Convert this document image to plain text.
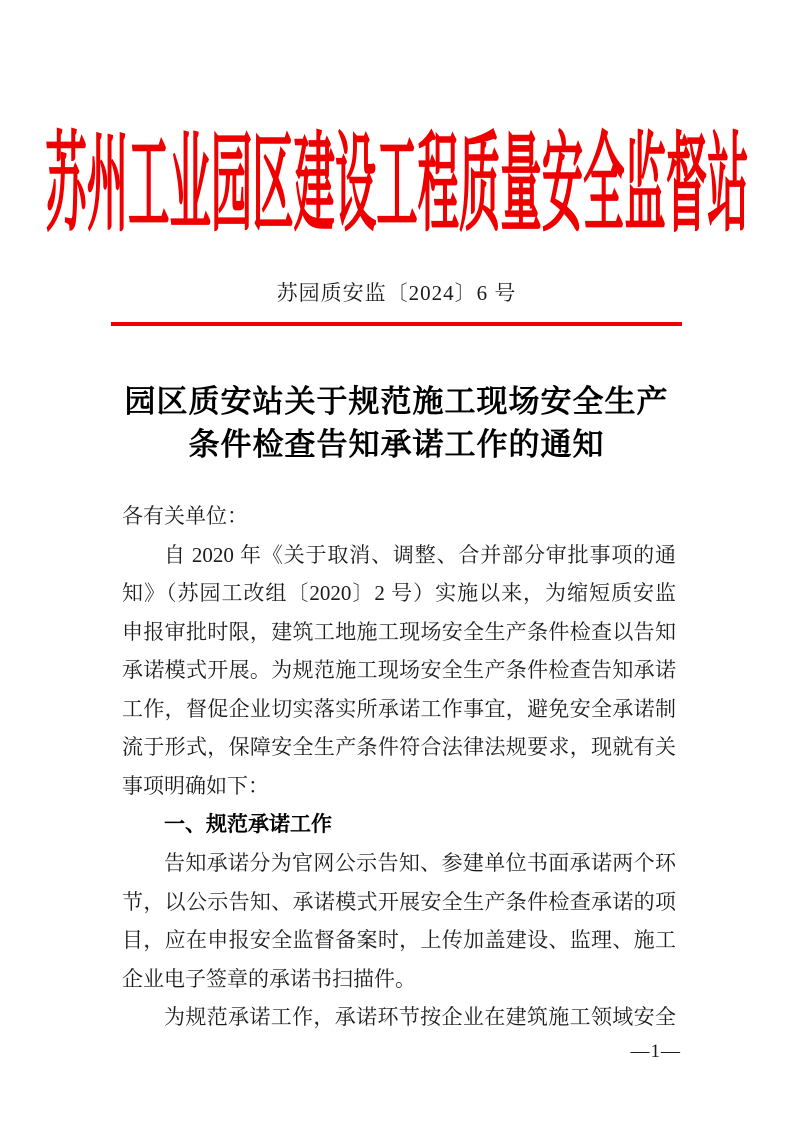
苏州工业园区建设工程质量安全监督站
苏园质安监〔2024〕6 号
园区质安站关于规范施工现场安全生产
条件检查告知承诺工作的通知
各有关单位：
自 2020 年《关于取消、调整、合并部分审批事项的通
知》（苏园工改组〔2020〕2 号）实施以来，为缩短质安监
申报审批时限，建筑工地施工现场安全生产条件检查以告知
承诺模式开展。为规范施工现场安全生产条件检查告知承诺
工作，督促企业切实落实所承诺工作事宜，避免安全承诺制
流于形式，保障安全生产条件符合法律法规要求，现就有关
事项明确如下：
一、规范承诺工作
告知承诺分为官网公示告知、参建单位书面承诺两个环
节，以公示告知、承诺模式开展安全生产条件检查承诺的项
目，应在申报安全监督备案时，上传加盖建设、监理、施工
企业电子签章的承诺书扫描件。
为规范承诺工作，承诺环节按企业在建筑施工领域安全
—1—
